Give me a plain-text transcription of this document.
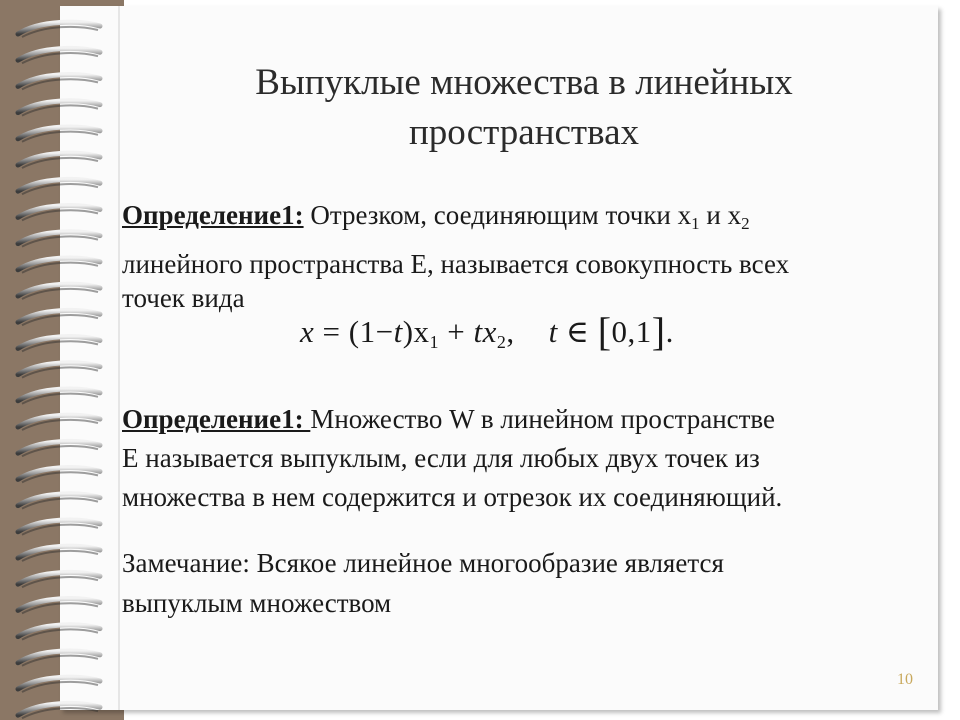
Выпуклые множества в линейных
пространствах
Определение1: Отрезком, соединяющим точки $x_1$ и $x_2$
линейного пространства E, называется совокупность всех
точек вида
$x = (1-t)x_1 + tx_2$, t ∈ [0,1].
Определение1: Множество W в линейном пространстве
E называется выпуклым, если для любых двух точек из
множества в нем содержится и отрезок их соединяющий.
Замечание: Всякое линейное многообразие является
выпуклым множеством
10
